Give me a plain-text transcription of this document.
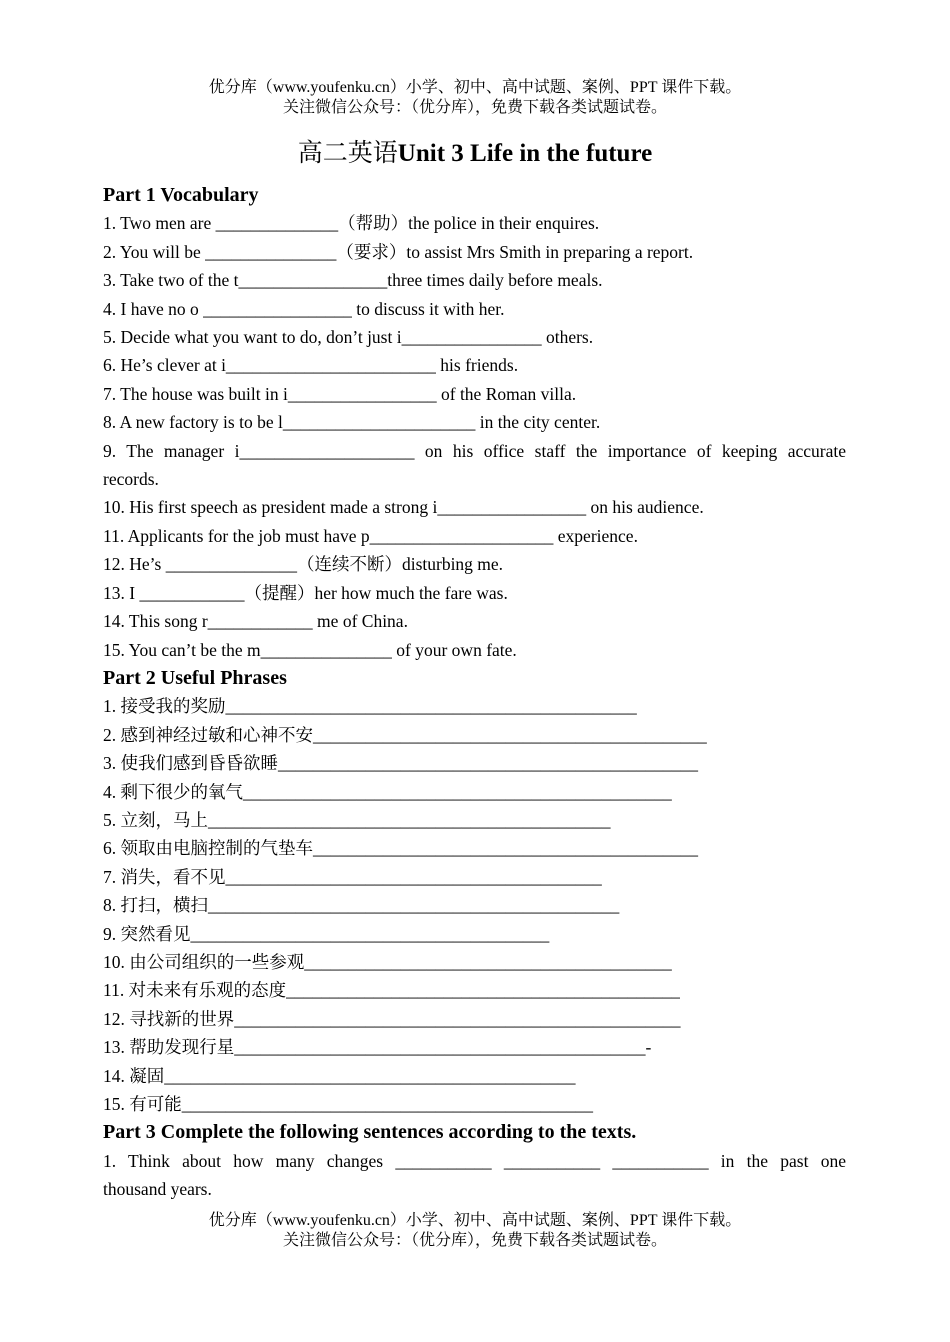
优分库（www.youfenku.cn）小学、初中、高中试题、案例、PPT 课件下载。
关注微信公众号：（优分库），免费下载各类试题试卷。
高二英语Unit 3 Life in the future
Part 1 Vocabulary
1. Two men are ______________（帮助）the police in their enquires.
2. You will be _______________（要求）to assist Mrs Smith in preparing a report.
3. Take two of the t_________________three times daily before meals.
4. I have no o _________________ to discuss it with her.
5. Decide what you want to do, don’t just i________________ others.
6. He’s clever at i________________________ his friends.
7. The house was built in i_________________ of the Roman villa.
8. A new factory is to be l______________________ in the city center.
9. The manager i____________________ on his office staff the importance of keeping accurate
records.
10. His first speech as president made a strong i_________________ on his audience.
11. Applicants for the job must have p_____________________ experience.
12. He’s _______________（连续不断）disturbing me.
13. I ____________（提醒）her how much the fare was.
14. This song r____________ me of China.
15. You can’t be the m_______________ of your own fate.
Part 2 Useful Phrases
1. 接受我的奖励_______________________________________________
2. 感到神经过敏和心神不安_____________________________________________
3. 使我们感到昏昏欲睡________________________________________________
4. 剩下很少的氧气_________________________________________________
5. 立刻，马上______________________________________________
6. 领取由电脑控制的气垫车____________________________________________
7. 消失，看不见___________________________________________
8. 打扫，横扫_______________________________________________
9. 突然看见_________________________________________
10. 由公司组织的一些参观__________________________________________
11. 对未来有乐观的态度_____________________________________________
12. 寻找新的世界___________________________________________________
13. 帮助发现行星_______________________________________________-
14. 凝固_______________________________________________
15. 有可能_______________________________________________
Part 3 Complete the following sentences according to the texts.
1. Think about how many changes ___________ ___________ ___________ in the past one
thousand years.
优分库（www.youfenku.cn）小学、初中、高中试题、案例、PPT 课件下载。
关注微信公众号：（优分库），免费下载各类试题试卷。
